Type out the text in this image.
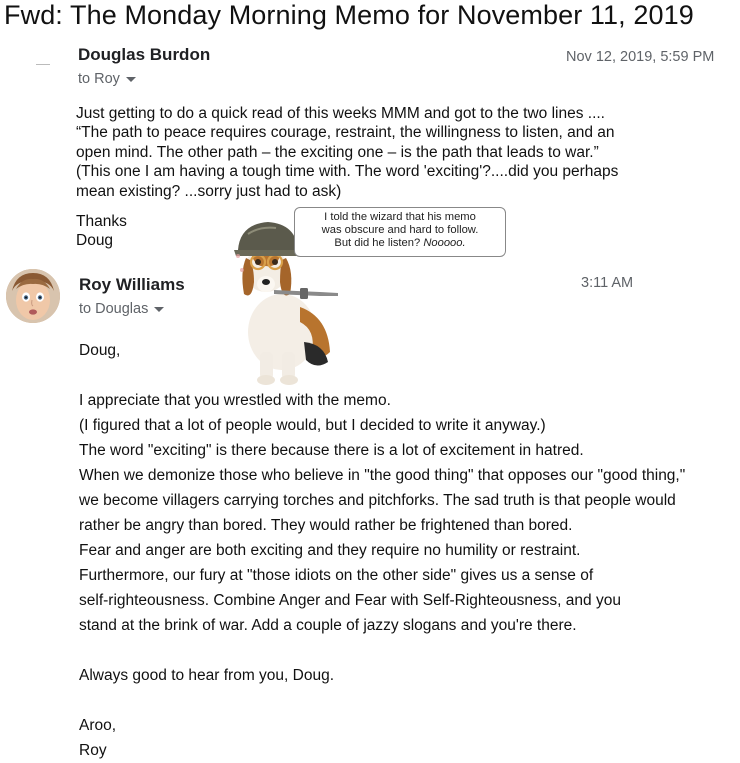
Fwd: The Monday Morning Memo for November 11, 2019
Douglas Burdon
to Roy
Nov 12, 2019, 5:59 PM

Just getting to do a quick read of this weeks MMM and got to the two lines ....

“The path to peace requires courage, restraint, the willingness to listen, and an

open mind. The other path – the exciting one – is the path that leads to war.”

(This one I am having a tough time with. The word 'exciting'?....did you perhaps

mean existing? ...sorry just had to ask)

Thanks

Doug

Roy Williams
to Douglas
3:11 AM

Doug,

I appreciate that you wrestled with the memo.

(I figured that a lot of people would, but I decided to write it anyway.)

The word "exciting" is there because there is a lot of excitement in hatred.

When we demonize those who believe in "the good thing" that opposes our "good thing,"

we become villagers carrying torches and pitchforks. The sad truth is that people would

rather be angry than bored. They would rather be frightened than bored.

Fear and anger are both exciting and they require no humility or restraint.

Furthermore, our fury at "those idiots on the other side" gives us a sense of

self-righteousness. Combine Anger and Fear with Self-Righteousness, and you

stand at the brink of war. Add a couple of jazzy slogans and you're there.

Always good to hear from you, Doug.

Aroo,

Roy

I told the wizard that his memo
was obscure and hard to follow.
But did he listen? Nooooo.
